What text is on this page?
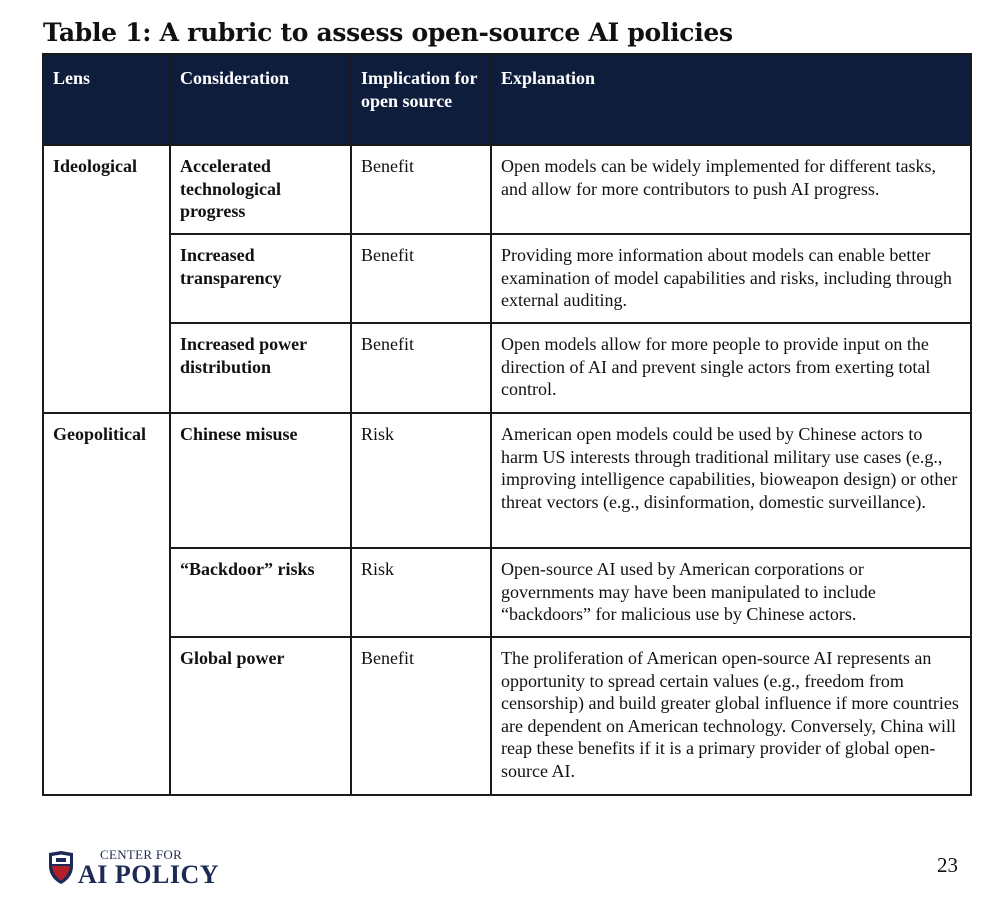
Table 1: A rubric to assess open-source AI policies
Lens	Consideration	Implication for open source	Explanation
Ideological	Accelerated technological progress	Benefit	Open models can be widely implemented for different tasks, and allow for more contributors to push AI progress.
	Increased transparency	Benefit	Providing more information about models can enable better examination of model capabilities and risks, including through external auditing.
	Increased power distribution	Benefit	Open models allow for more people to provide input on the direction of AI and prevent single actors from exerting total control.
Geopolitical	Chinese misuse	Risk	American open models could be used by Chinese actors to harm US interests through traditional military use cases (e.g., improving intelligence capabilities, bioweapon design) or other threat vectors (e.g., disinformation, domestic surveillance).
	“Backdoor” risks	Risk	Open-source AI used by American corporations or governments may have been manipulated to include “backdoors” for malicious use by Chinese actors.
	Global power	Benefit	The proliferation of American open-source AI represents an opportunity to spread certain values (e.g., freedom from censorship) and build greater global influence if more countries are dependent on American technology. Conversely, China will reap these benefits if it is a primary provider of global open-source AI.
CENTER FOR
AI POLICY	23
